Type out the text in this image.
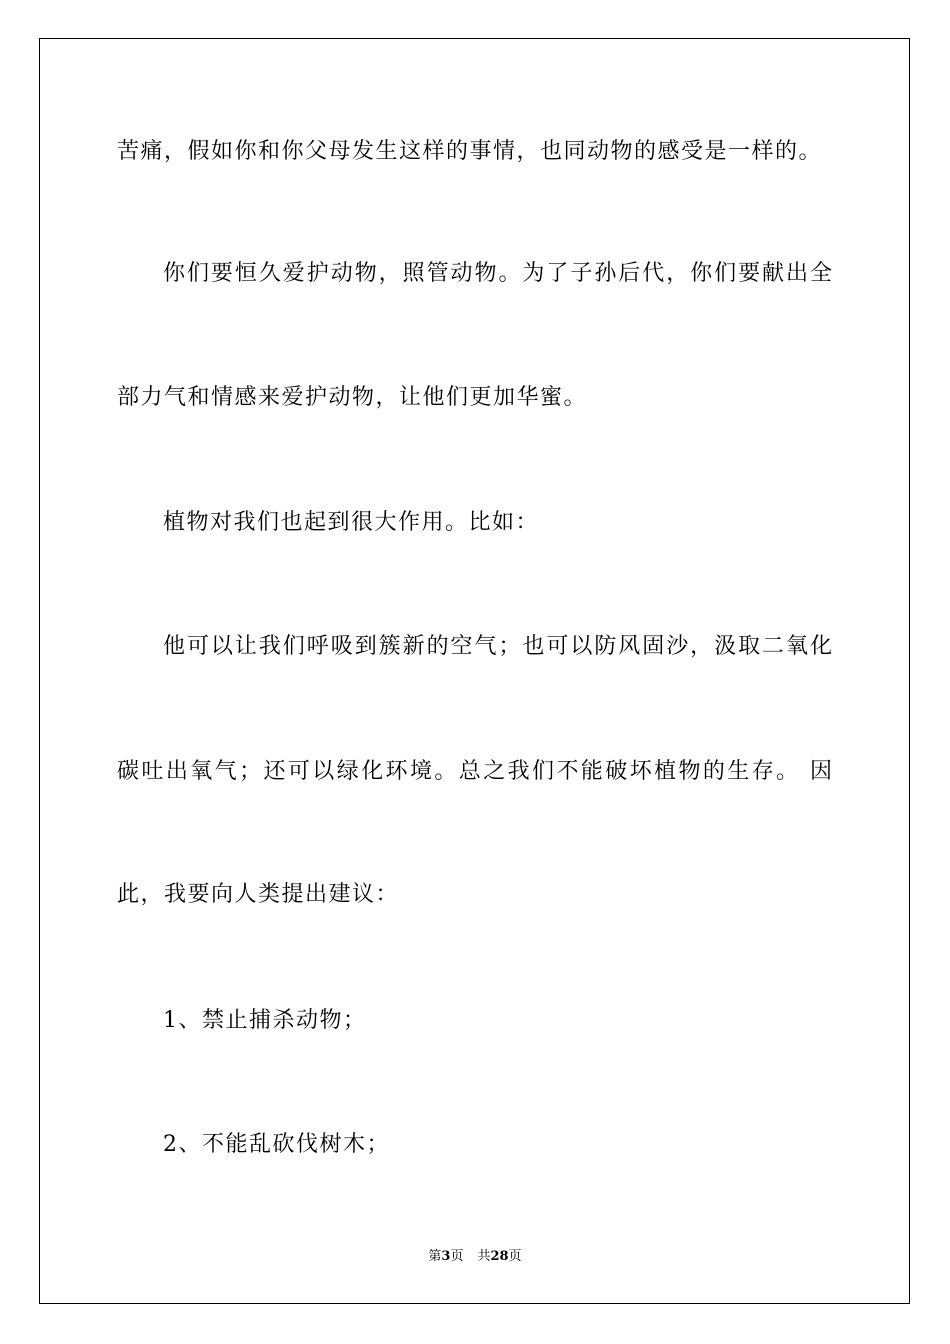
苦痛，假如你和你父母发生这样的事情，也同动物的感受是一样的。
你们要恒久爱护动物，照管动物。为了子孙后代，你们要献出全
部力气和情感来爱护动物，让他们更加华蜜。
植物对我们也起到很大作用。比如：
他可以让我们呼吸到簇新的空气；也可以防风固沙，汲取二氧化
碳吐出氧气；还可以绿化环境。总之我们不能破坏植物的生存。 因
此，我要向人类提出建议：
1、禁止捕杀动物；
2、不能乱砍伐树木；
第3页 共28页
